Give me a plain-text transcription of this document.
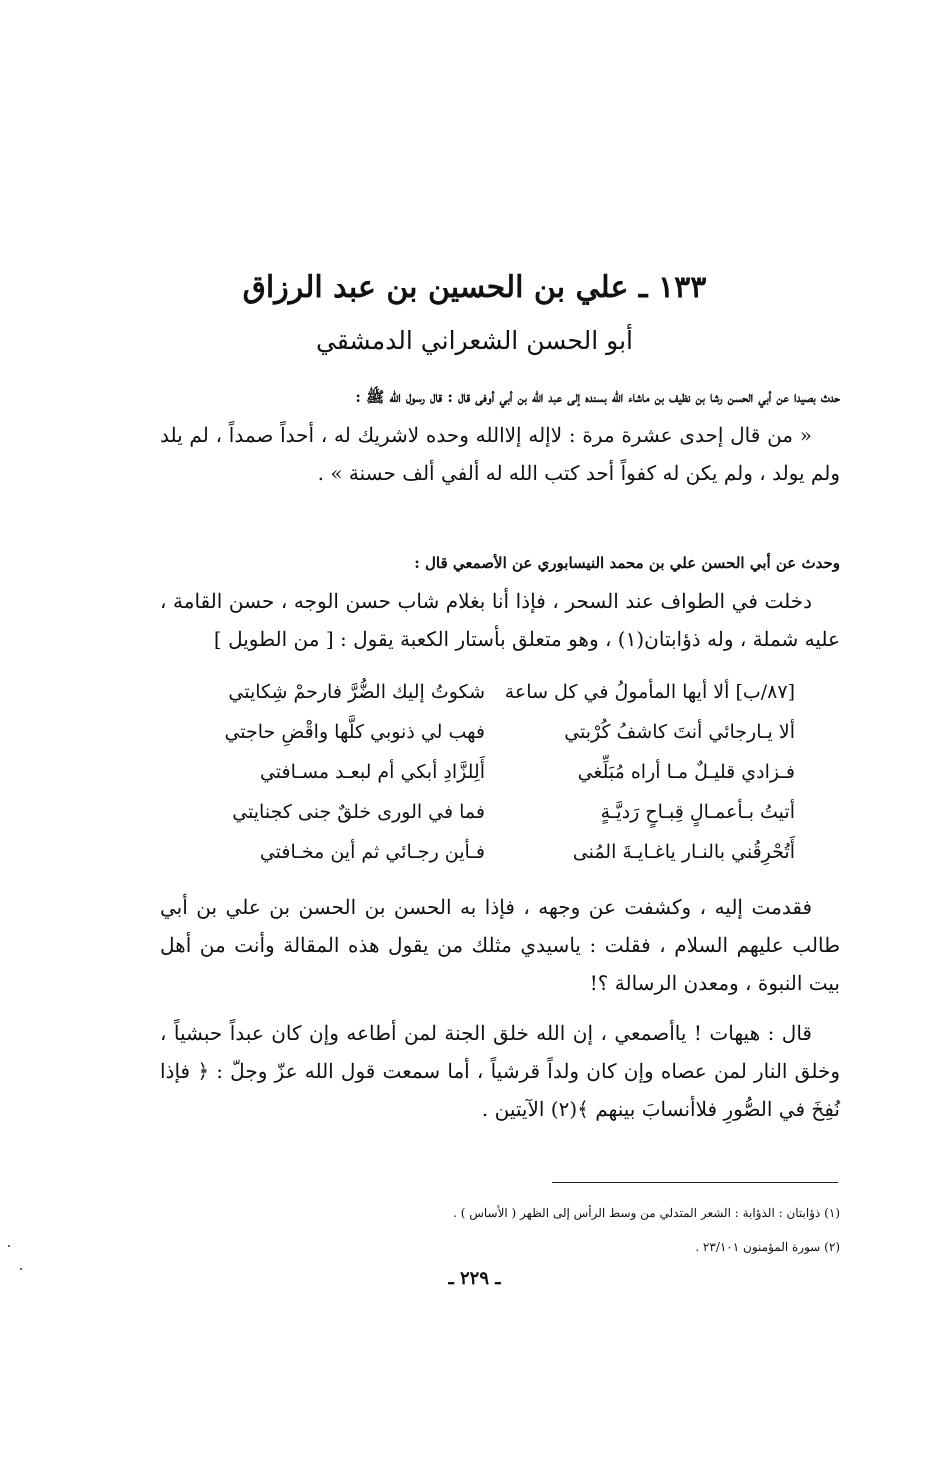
١٣٣ ـ علي بن الحسين بن عبد الرزاق
أبو الحسن الشعراني الدمشقي

حدث بصيدا عن أبي الحسن رشا بن نظيف بن ماشاء الله بسنده إلى عبد الله بن أبي أوفى قال : قال رسول الله ﷺ :

« من قال إحدى عشرة مرة : لاإله إلاالله وحده لاشريك له ، أحداً صمداً ، لم يلد ولم يولد ، ولم يكن له كفواً أحد كتب الله له ألفي ألف حسنة » .

وحدث عن أبي الحسن علي بن محمد النيسابوري عن الأصمعي قال :

دخلت في الطواف عند السحر ، فإذا أنا بغلام شاب حسن الوجه ، حسن القامة ، عليه شملة ، وله ذؤابتان(١) ، وهو متعلق بأستار الكعبة يقول : [ من الطويل ]

[٨٧/ب] ألا أيها المأمولُ في كل ساعة
شكوتُ إليك الضُّرَّ فارحمْ شِكايتي
ألا يـارجائي أنتَ كاشفُ كُرْبتي
فهب لي ذنوبي كلَّها واقْضِ حاجتي
فـزادي قليـلٌ مـا أراه مُبَلِّغي
أَلِلزَّادِ أبكي أم لبعـد مسـافتي
أتيتُ بـأعمـالٍ قِبـاحٍ رَديَّـةٍ
فما في الورى خلقٌ جنى كجنايتي
أَتُحْرِقُني بالنـار ياغـايـةَ المُنى
فـأين رجـائي ثم أين مخـافتي

فقدمت إليه ، وكشفت عن وجهه ، فإذا به الحسن بن الحسن بن علي بن أبي طالب عليهم السلام ، فقلت : ياسيدي مثلك من يقول هذه المقالة وأنت من أهل بيت النبوة ، ومعدن الرسالة ؟!

قال : هيهات ! ياأصمعي ، إن الله خلق الجنة لمن أطاعه وإن كان عبداً حبشياً ، وخلق النار لمن عصاه وإن كان ولداً قرشياً ، أما سمعت قول الله عزّ وجلّ : ﴿ فإذا نُفِخَ في الصُّورِ فلاأنسابَ بينهم ﴾(٢) الآيتين .

(١) ذؤابتان : الذؤابة : الشعر المتدلي من وسط الرأس إلى الظهر ( الأساس ) .

(٢) سورة المؤمنون ٢٣/١٠١ .

ـ ٢٢٩ ـ
